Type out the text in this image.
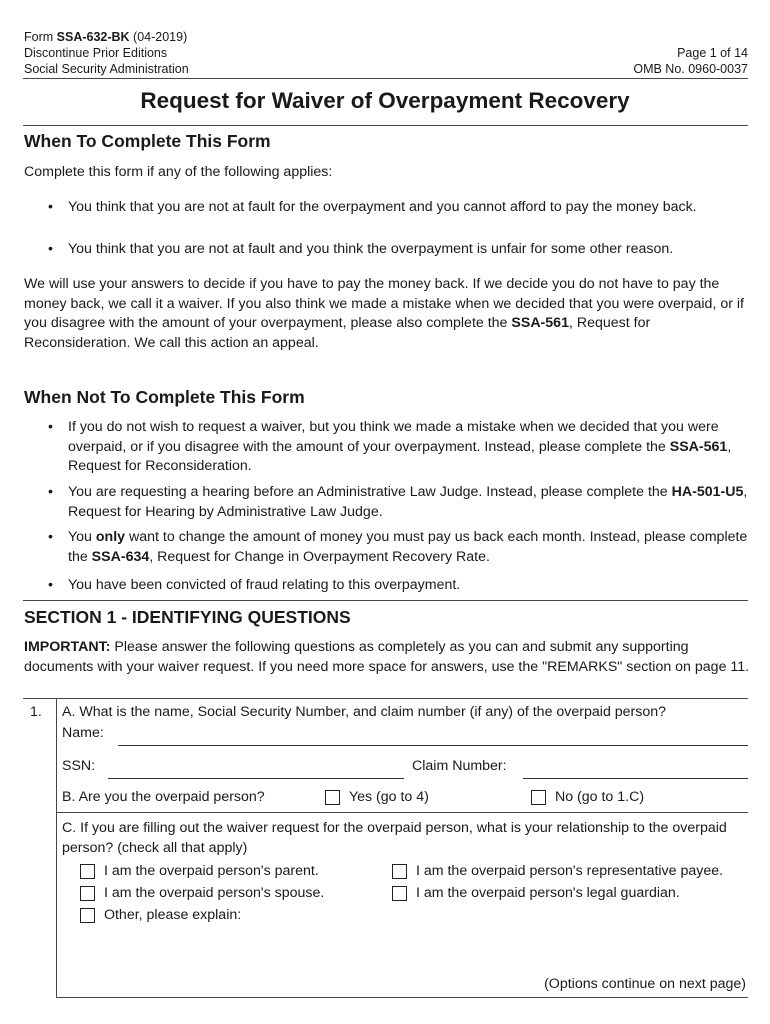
Form SSA-632-BK (04-2019)
Discontinue Prior Editions
Social Security Administration
Page 1 of 14
OMB No. 0960-0037
Request for Waiver of Overpayment Recovery
When To Complete This Form
Complete this form if any of the following applies:
• You think that you are not at fault for the overpayment and you cannot afford to pay the money back.
• You think that you are not at fault and you think the overpayment is unfair for some other reason.
We will use your answers to decide if you have to pay the money back. If we decide you do not have to pay the money back, we call it a waiver. If you also think we made a mistake when we decided that you were overpaid, or if you disagree with the amount of your overpayment, please also complete the SSA-561, Request for Reconsideration. We call this action an appeal.
When Not To Complete This Form
• If you do not wish to request a waiver, but you think we made a mistake when we decided that you were overpaid, or if you disagree with the amount of your overpayment. Instead, please complete the SSA-561, Request for Reconsideration.
• You are requesting a hearing before an Administrative Law Judge. Instead, please complete the HA-501-U5, Request for Hearing by Administrative Law Judge.
• You only want to change the amount of money you must pay us back each month. Instead, please complete the SSA-634, Request for Change in Overpayment Recovery Rate.
• You have been convicted of fraud relating to this overpayment.
SECTION 1 - IDENTIFYING QUESTIONS
IMPORTANT: Please answer the following questions as completely as you can and submit any supporting documents with your waiver request. If you need more space for answers, use the "REMARKS" section on page 11.
1. A. What is the name, Social Security Number, and claim number (if any) of the overpaid person?
Name:
SSN:	Claim Number:
B. Are you the overpaid person?	Yes (go to 4)	No (go to 1.C)
C. If you are filling out the waiver request for the overpaid person, what is your relationship to the overpaid person? (check all that apply)
I am the overpaid person's parent.	I am the overpaid person's representative payee.
I am the overpaid person's spouse.	I am the overpaid person's legal guardian.
Other, please explain:
(Options continue on next page)
